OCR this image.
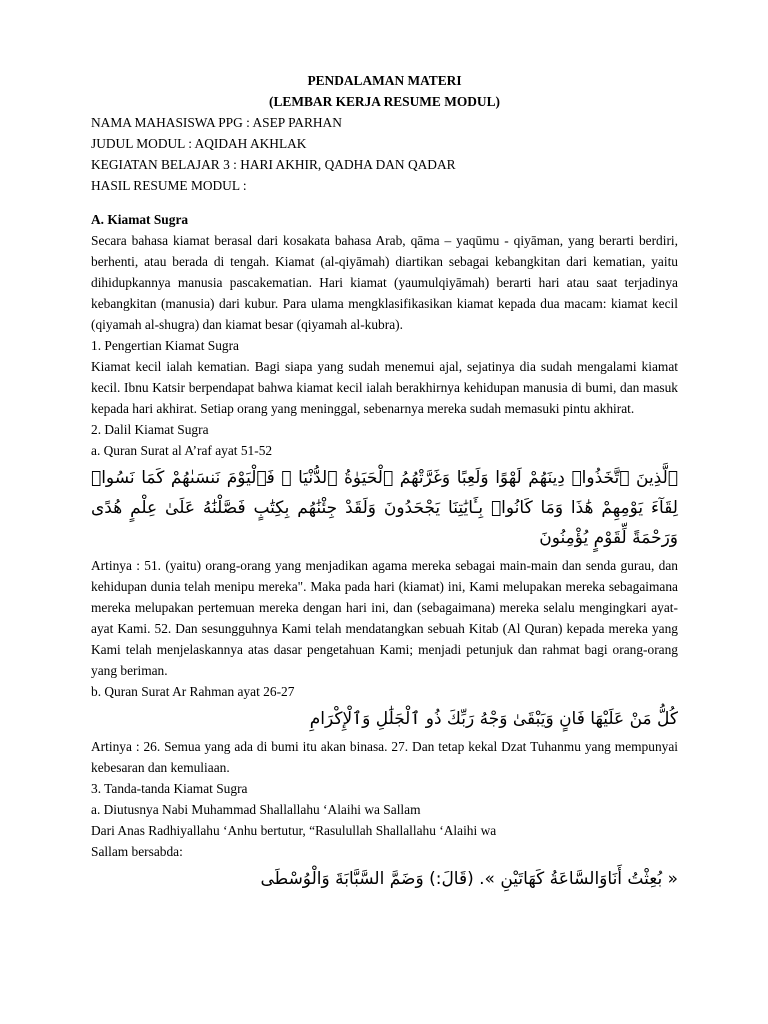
PENDALAMAN MATERI
(LEMBAR KERJA RESUME MODUL)
NAMA MAHASISWA PPG : ASEP PARHAN
JUDUL MODUL : AQIDAH AKHLAK
KEGIATAN BELAJAR 3 : HARI AKHIR, QADHA DAN QADAR
HASIL RESUME MODUL :
A. Kiamat Sugra
Secara bahasa kiamat berasal dari kosakata bahasa Arab, qāma – yaqūmu - qiyāman, yang berarti berdiri, berhenti, atau berada di tengah. Kiamat (al-qiyāmah) diartikan sebagai kebangkitan dari kematian, yaitu dihidupkannya manusia pascakematian. Hari kiamat (yaumulqiyāmah) berarti hari atau saat terjadinya kebangkitan (manusia) dari kubur. Para ulama mengklasifikasikan kiamat kepada dua macam: kiamat kecil (qiyamah al-shugra) dan kiamat besar (qiyamah al-kubra).
1. Pengertian Kiamat Sugra
Kiamat kecil ialah kematian. Bagi siapa yang sudah menemui ajal, sejatinya dia sudah mengalami kiamat kecil. Ibnu Katsir berpendapat bahwa kiamat kecil ialah berakhirnya kehidupan manusia di bumi, dan masuk kepada hari akhirat. Setiap orang yang meninggal, sebenarnya mereka sudah memasuki pintu akhirat.
2. Dalil Kiamat Sugra
a. Quran Surat al A’raf ayat 51-52
ٱلَّذِينَ ٱتَّخَذُوا۟ دِينَهُمْ لَهْوًا وَلَعِبًا وَغَرَّتْهُمُ ٱلْحَيَوٰةُ ٱلدُّنْيَا ۚ فَٱلْيَوْمَ نَنسَىٰهُمْ كَمَا نَسُوا۟ لِقَآءَ يَوْمِهِمْ هَٰذَا وَمَا كَانُوا۟ بِـَٔايَٰتِنَا يَجْحَدُونَ وَلَقَدْ جِئْنَٰهُم بِكِتَٰبٍ فَصَّلْنَٰهُ عَلَىٰ عِلْمٍ هُدًى وَرَحْمَةً لِّقَوْمٍ يُؤْمِنُونَ
Artinya : 51. (yaitu) orang-orang yang menjadikan agama mereka sebagai main-main dan senda gurau, dan kehidupan dunia telah menipu mereka". Maka pada hari (kiamat) ini, Kami melupakan mereka sebagaimana mereka melupakan pertemuan mereka dengan hari ini, dan (sebagaimana) mereka selalu mengingkari ayat-ayat Kami. 52. Dan sesungguhnya Kami telah mendatangkan sebuah Kitab (Al Quran) kepada mereka yang Kami telah menjelaskannya atas dasar pengetahuan Kami; menjadi petunjuk dan rahmat bagi orang-orang yang beriman.
b. Quran Surat Ar Rahman ayat 26-27
كُلُّ مَنْ عَلَيْهَا فَانٍ وَيَبْقَىٰ وَجْهُ رَبِّكَ ذُو ٱلْجَلَٰلِ وَٱلْإِكْرَامِ
Artinya : 26. Semua yang ada di bumi itu akan binasa. 27. Dan tetap kekal Dzat Tuhanmu yang mempunyai kebesaran dan kemuliaan.
3. Tanda-tanda Kiamat Sugra
a. Diutusnya Nabi Muhammad Shallallahu ‘Alaihi wa Sallam
Dari Anas Radhiyallahu ‘Anhu bertutur, “Rasulullah Shallallahu ‘Alaihi wa
Sallam bersabda:
« بُعِثْتُ أَنَاوَالسَّاعَةُ كَهَاتَيْنِ ». (قَالَ:) وَضَمَّ السَّبَّابَةَ وَالْوُسْطَى
